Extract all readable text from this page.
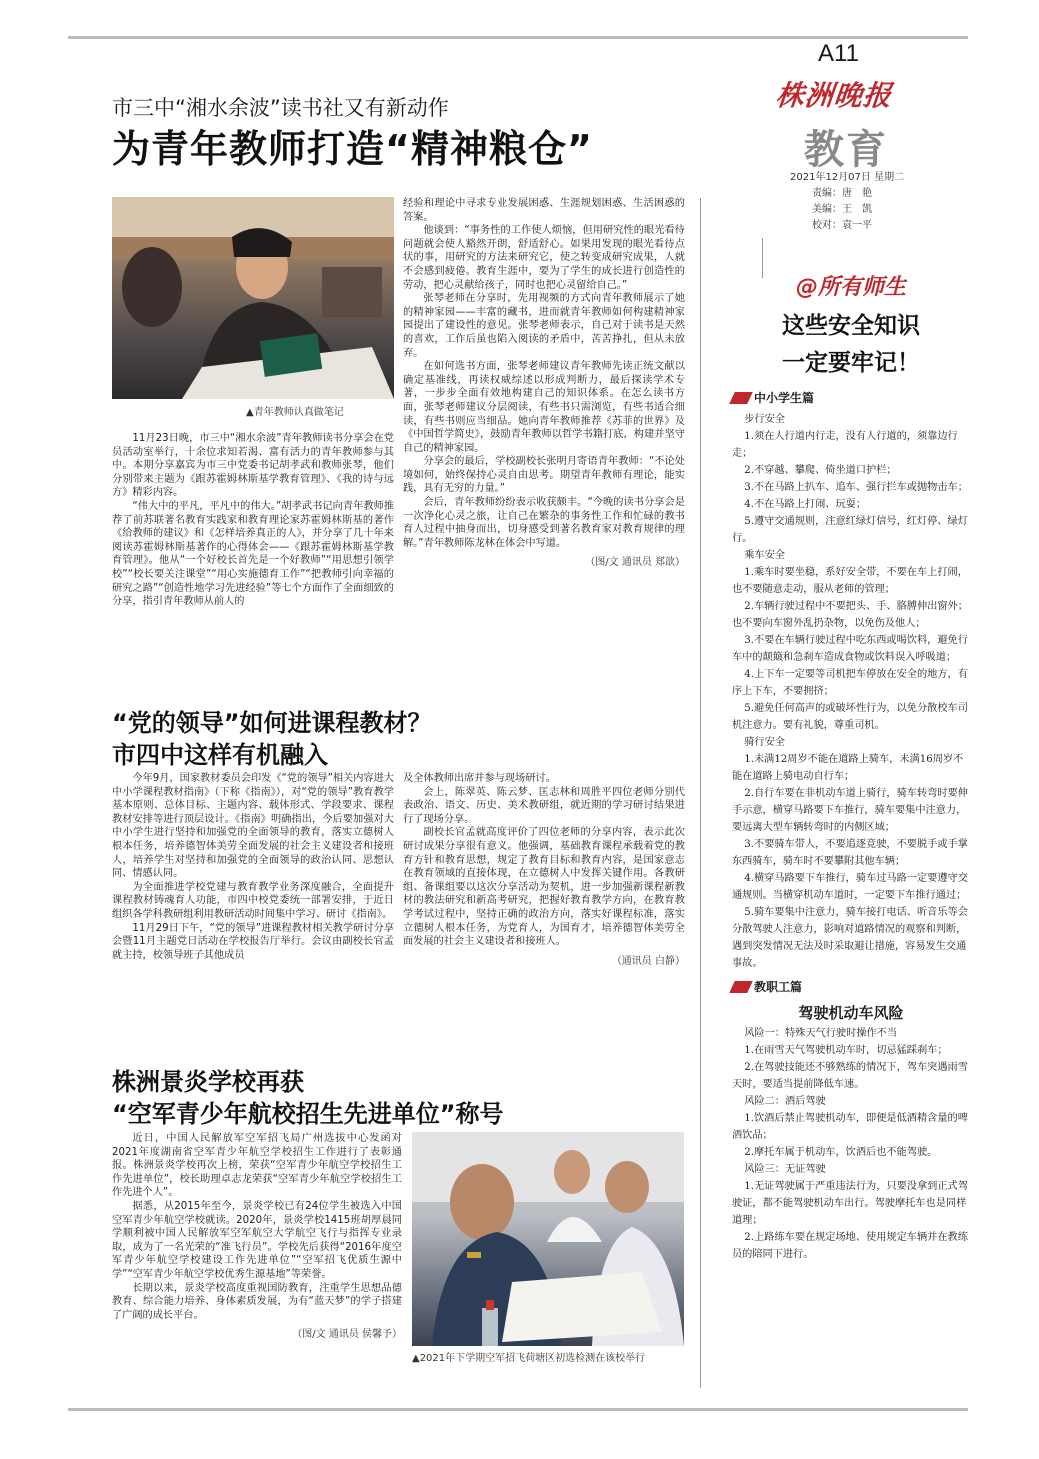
A11
株洲晚报
教育
2021年12月07日 星期二
责编：唐　艳
美编：王　凯
校对：袁一平
市三中“湘水余波”读书社又有新动作
为青年教师打造“精神粮仓”
▲青年教师认真做笔记

11月23日晚，市三中“湘水余波”青年教师读书分享会在党员活动室举行，十余位求知若渴、富有活力的青年教师参与其中。本期分享嘉宾为市三中党委书记胡孝武和教师张琴，他们分别带来主题为《跟苏霍姆林斯基学教育管理》、《我的诗与远方》精彩内容。

“伟大中的平凡，平凡中的伟大。”胡孝武书记向青年教师推荐了前苏联著名教育实践家和教育理论家苏霍姆林斯基的著作《给教师的建议》和《怎样培养真正的人》，并分享了几十年来阅读苏霍姆林斯基著作的心得体会——《跟苏霍姆林斯基学教育管理》。他从“一个好校长首先是一个好教师”“用思想引领学校”“校长要关注课堂”“用心实施德育工作”“把教师引向幸福的研究之路”“创造性地学习先进经验”等七个方面作了全面细致的分享，指引青年教师从前人的

经验和理论中寻求专业发展困惑、生涯规划困惑、生活困惑的答案。

他谈到：“事务性的工作使人烦恼，但用研究性的眼光看待问题就会使人豁然开朗，舒适舒心。如果用发现的眼光看待点状的事，用研究的方法来研究它，使之转变成研究成果，人就不会感到疲倦。教育生涯中，要为了学生的成长进行创造性的劳动，把心灵献给孩子，同时也把心灵留给自己。”

张琴老师在分享时，先用视频的方式向青年教师展示了她的精神家园——丰富的藏书，进而就青年教师如何构建精神家园提出了建设性的意见。张琴老师表示，自己对于读书是天然的喜欢，工作后虽也陷入阅读的矛盾中，苦苦挣扎，但从未放弃。

在如何选书方面，张琴老师建议青年教师先读正统文献以确定基准线，再读权威综述以形成判断力，最后探读学术专著，一步步全面有效地构建自己的知识体系。在怎么读书方面，张琴老师建议分层阅读，有些书只需浏览，有些书适合细读，有些书则应当细品。她向青年教师推荐《苏菲的世界》及《中国哲学简史》，鼓励青年教师以哲学书籍打底，构建并坚守自己的精神家园。

分享会的最后，学校副校长张明月寄语青年教师：“不论处境如何，始终保持心灵自由思考。期望青年教师有理论，能实践，具有无穷的力量。”

会后，青年教师纷纷表示收获颇丰。“今晚的读书分享会是一次净化心灵之旅，让自己在繁杂的事务性工作和忙碌的教书育人过程中抽身而出，切身感受到著名教育家对教育规律的理解。”青年教师陈龙林在体会中写道。

（图/文 通讯员 郑歆）
“党的领导”如何进课程教材？
市四中这样有机融入

今年9月，国家教材委员会印发《“党的领导”相关内容进大中小学课程教材指南》（下称《指南》），对“党的领导”教育教学基本原则、总体目标、主题内容、载体形式、学段要求、课程教材安排等进行顶层设计。《指南》明确指出，今后要加强对大中小学生进行坚持和加强党的全面领导的教育，落实立德树人根本任务，培养德智体美劳全面发展的社会主义建设者和接班人，培养学生对坚持和加强党的全面领导的政治认同、思想认同、情感认同。

为全面推进学校党建与教育教学业务深度融合，全面提升课程教材铸魂育人功能，市四中校党委统一部署安排，于近日组织各学科教研组利用教研活动时间集中学习、研讨《指南》。

11月29日下午，“党的领导”进课程教材相关教学研讨分享会暨11月主题党日活动在学校报告厅举行。会议由副校长官孟就主持，校领导班子其他成员

及全体教师出席并参与现场研讨。

会上，陈翠英、陈云梦、匡志林和周胜平四位老师分别代表政治、语文、历史、美术教研组，就近期的学习研讨结果进行了现场分享。

副校长官孟就高度评价了四位老师的分享内容，表示此次研讨成果分享很有意义。他强调，基础教育课程承载着党的教育方针和教育思想，规定了教育目标和教育内容，是国家意志在教育领域的直接体现，在立德树人中发挥关键作用。各教研组、备课组要以这次分享活动为契机，进一步加强新课程新教材的教法研究和新高考研究，把握好教育教学方向，在教育教学考试过程中，坚持正确的政治方向，落实好课程标准，落实立德树人根本任务，为党育人，为国育才，培养德智体美劳全面发展的社会主义建设者和接班人。

（通讯员 白静）
株洲景炎学校再获
“空军青少年航校招生先进单位”称号

近日，中国人民解放军空军招飞局广州选拔中心发函对2021年度湖南省空军青少年航空学校招生工作进行了表彰通报。株洲景炎学校再次上榜，荣获“空军青少年航空学校招生工作先进单位”，校长助理卓志龙荣获“空军青少年航空学校招生工作先进个人”。

据悉，从2015年至今，景炎学校已有24位学生被选入中国空军青少年航空学校就读。2020年，景炎学校1415班胡厚晨同学顺利被中国人民解放军空军航空大学航空飞行与指挥专业录取，成为了一名光荣的“准飞行员”。学校先后获得“2016年度空军青少年航空学校建设工作先进单位”“空军招飞优质生源中学”“空军青少年航空学校优秀生源基地”等荣誉。

长期以来，景炎学校高度重视国防教育，注重学生思想品德教育、综合能力培养、身体素质发展，为有“蓝天梦”的学子搭建了广阔的成长平台。

（图/文 通讯员 侯馨予）
▲2021年下学期空军招飞荷塘区初选检测在该校举行
@所有师生
这些安全知识
一定要牢记！
中小学生篇

步行安全

1.须在人行道内行走，没有人行道的，须靠边行走；

2.不穿越、攀爬、倚坐道口护栏；

3.不在马路上扒车、追车、强行拦车或抛物击车；

4.不在马路上打闹、玩耍；

5.遵守交通规则，注意红绿灯信号，红灯停、绿灯行。

乘车安全

1.乘车时要坐稳，系好安全带，不要在车上打闹，也不要随意走动，服从老师的管理；

2.车辆行驶过程中不要把头、手、胳膊伸出窗外；也不要向车窗外乱扔杂物，以免伤及他人；

3.不要在车辆行驶过程中吃东西或喝饮料，避免行车中的颠簸和急刹车造成食物或饮料误入呼吸道；

4.上下车一定要等司机把车停放在安全的地方，有序上下车，不要拥挤；

5.避免任何高声的或破坏性行为，以免分散校车司机注意力。要有礼貌，尊重司机。

骑行安全

1.未满12周岁不能在道路上骑车，未满16周岁不能在道路上骑电动自行车；

2.自行车要在非机动车道上骑行，骑车转弯时要伸手示意，横穿马路要下车推行，骑车要集中注意力，要远离大型车辆转弯时的内侧区域；

3.不要骑车带人，不要追逐竞驶，不要脱手或手掌东西骑车，骑车时不要攀附其他车辆；

4.横穿马路要下车推行，骑车过马路一定要遵守交通规则。当横穿机动车道时，一定要下车推行通过；

5.骑车要集中注意力，骑车接打电话、听音乐等会分散驾驶人注意力，影响对道路情况的观察和判断，遇到突发情况无法及时采取避让措施，容易发生交通事故。

教职工篇
驾驶机动车风险

风险一：特殊天气行驶时操作不当

1.在雨雪天气驾驶机动车时，切忌猛踩刹车；

2.在驾驶技能还不够熟练的情况下，驾车突遇雨雪天时，要适当提前降低车速。

风险二：酒后驾驶

1.饮酒后禁止驾驶机动车，即便是低酒精含量的啤酒饮品；

2.摩托车属于机动车，饮酒后也不能驾驶。

风险三：无证驾驶

1.无证驾驶属于严重违法行为，只要没拿到正式驾驶证，都不能驾驶机动车出行。驾驶摩托车也是同样道理；

2.上路练车要在规定场地、使用规定车辆并在教练员的陪同下进行。
